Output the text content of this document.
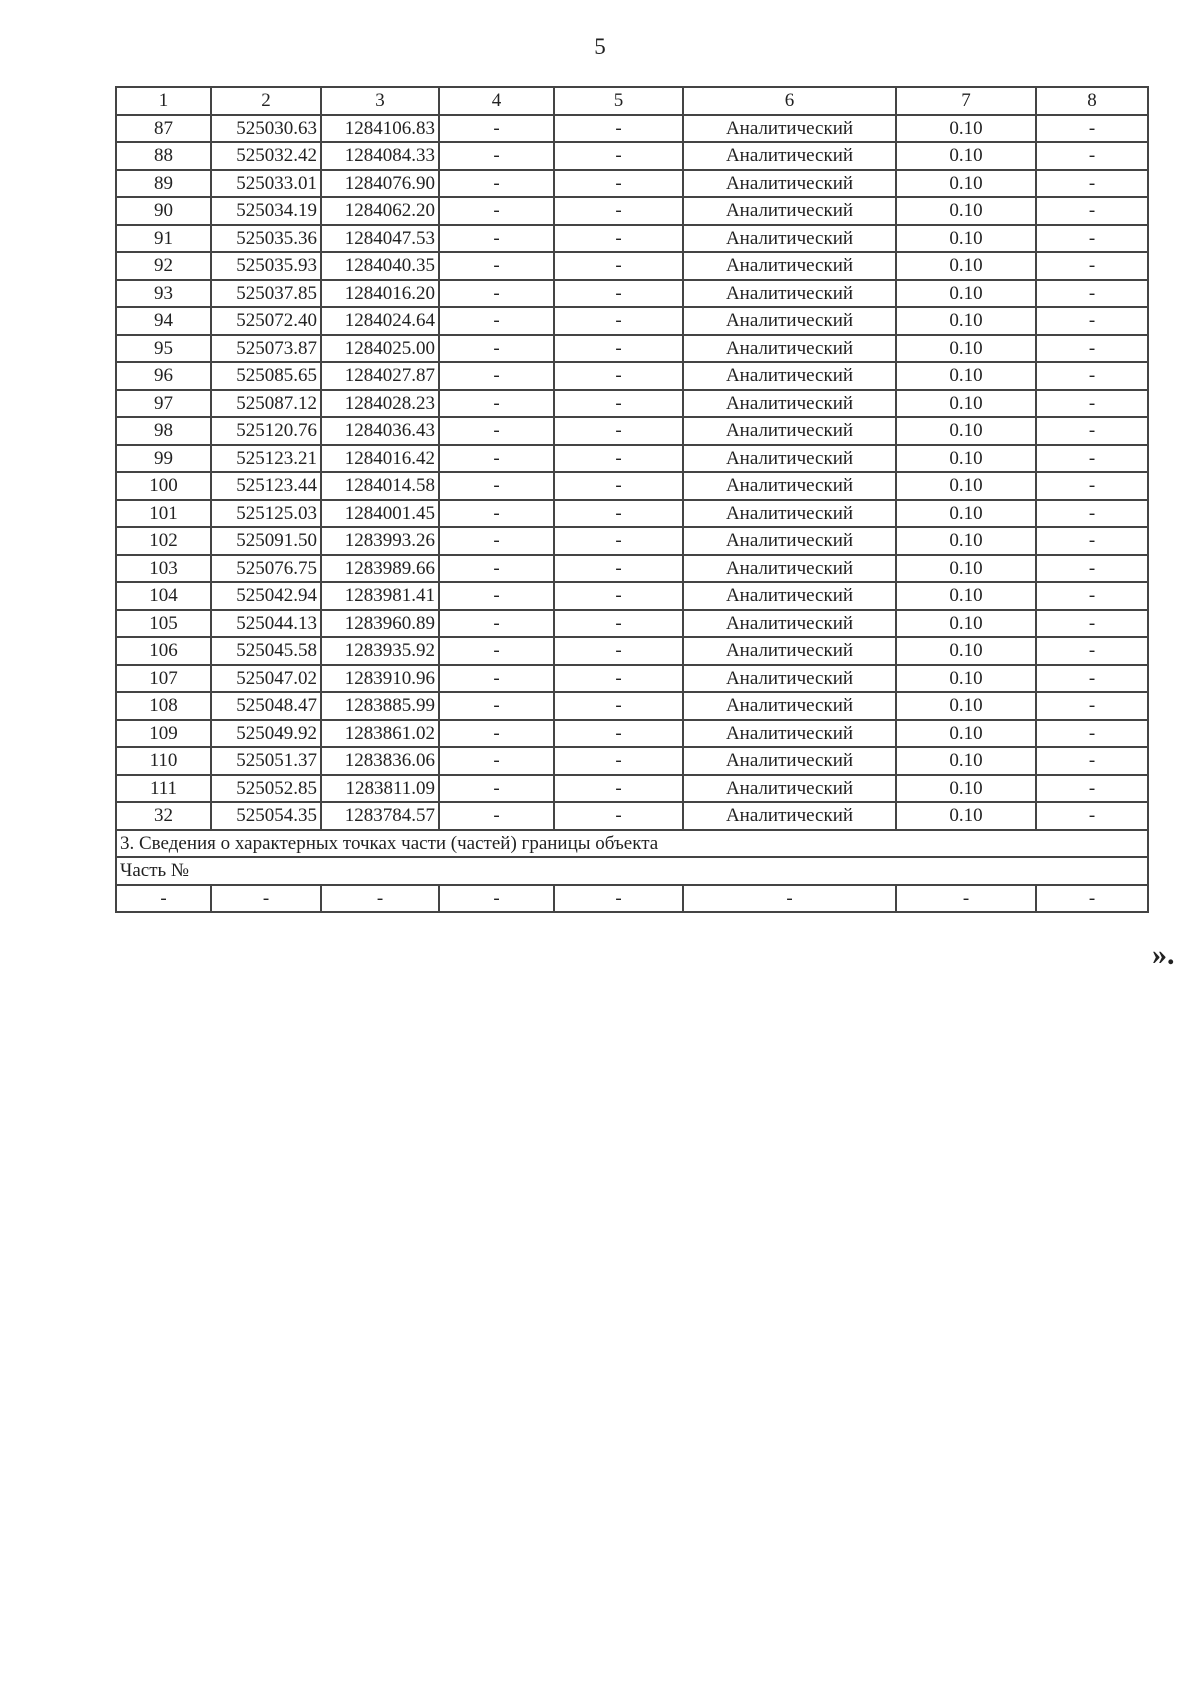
5
1	2	3	4	5	6	7	8
87	525030.63	1284106.83	-	-	Аналитический	0.10	-
88	525032.42	1284084.33	-	-	Аналитический	0.10	-
89	525033.01	1284076.90	-	-	Аналитический	0.10	-
90	525034.19	1284062.20	-	-	Аналитический	0.10	-
91	525035.36	1284047.53	-	-	Аналитический	0.10	-
92	525035.93	1284040.35	-	-	Аналитический	0.10	-
93	525037.85	1284016.20	-	-	Аналитический	0.10	-
94	525072.40	1284024.64	-	-	Аналитический	0.10	-
95	525073.87	1284025.00	-	-	Аналитический	0.10	-
96	525085.65	1284027.87	-	-	Аналитический	0.10	-
97	525087.12	1284028.23	-	-	Аналитический	0.10	-
98	525120.76	1284036.43	-	-	Аналитический	0.10	-
99	525123.21	1284016.42	-	-	Аналитический	0.10	-
100	525123.44	1284014.58	-	-	Аналитический	0.10	-
101	525125.03	1284001.45	-	-	Аналитический	0.10	-
102	525091.50	1283993.26	-	-	Аналитический	0.10	-
103	525076.75	1283989.66	-	-	Аналитический	0.10	-
104	525042.94	1283981.41	-	-	Аналитический	0.10	-
105	525044.13	1283960.89	-	-	Аналитический	0.10	-
106	525045.58	1283935.92	-	-	Аналитический	0.10	-
107	525047.02	1283910.96	-	-	Аналитический	0.10	-
108	525048.47	1283885.99	-	-	Аналитический	0.10	-
109	525049.92	1283861.02	-	-	Аналитический	0.10	-
110	525051.37	1283836.06	-	-	Аналитический	0.10	-
111	525052.85	1283811.09	-	-	Аналитический	0.10	-
32	525054.35	1283784.57	-	-	Аналитический	0.10	-
3. Сведения о характерных точках части (частей) границы объекта							
Часть №							
-	-	-	-	-	-	-	-
».
